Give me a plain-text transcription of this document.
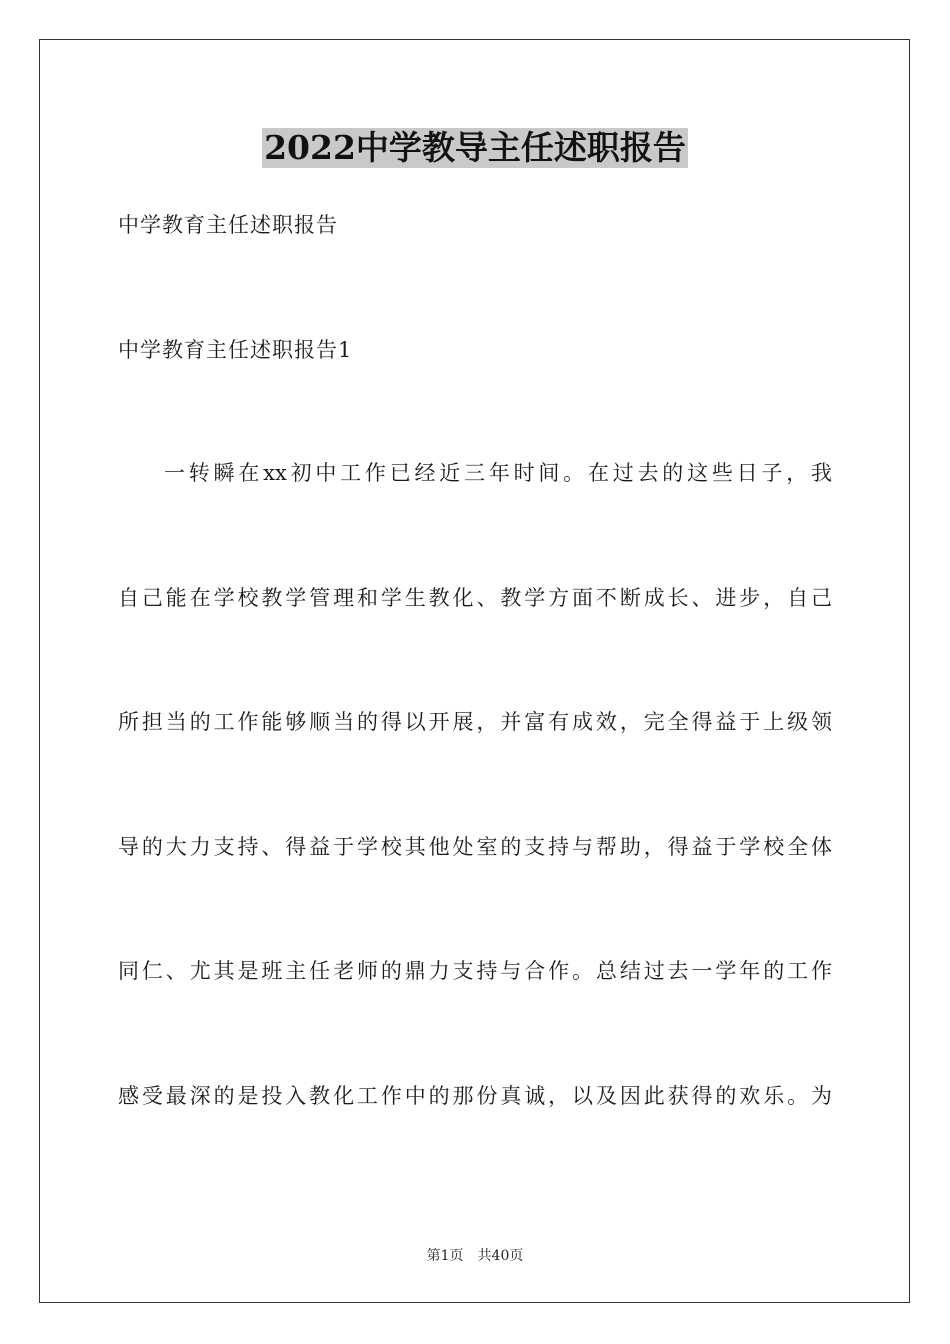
2022中学教导主任述职报告
中学教育主任述职报告
中学教育主任述职报告1
一转瞬在xx初中工作已经近三年时间。在过去的这些日子，我
自己能在学校教学管理和学生教化、教学方面不断成长、进步，自己
所担当的工作能够顺当的得以开展，并富有成效，完全得益于上级领
导的大力支持、得益于学校其他处室的支持与帮助，得益于学校全体
同仁、尤其是班主任老师的鼎力支持与合作。总结过去一学年的工作
感受最深的是投入教化工作中的那份真诚，以及因此获得的欢乐。为
第1页 共40页
